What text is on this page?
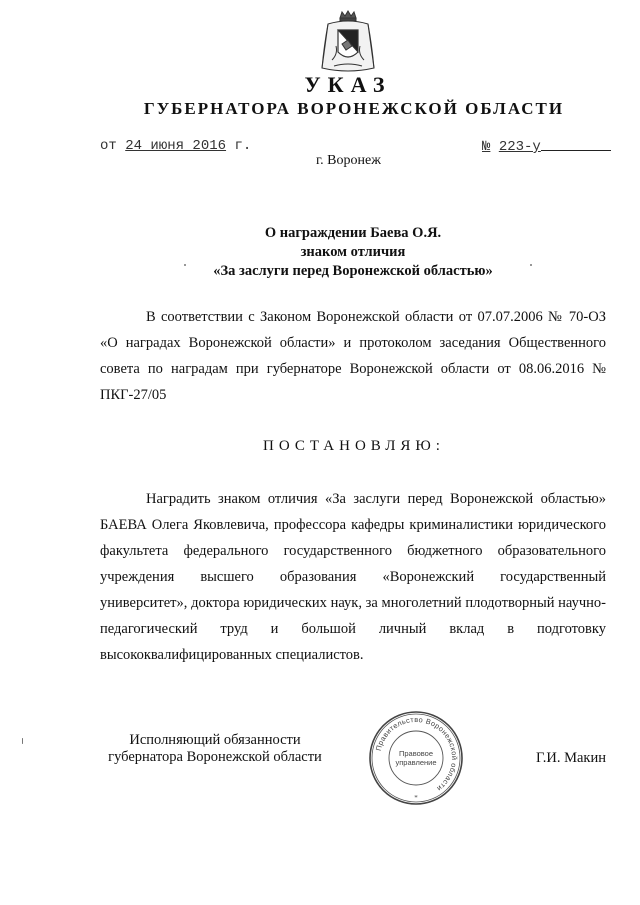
УКАЗ
ГУБЕРНАТОРА ВОРОНЕЖСКОЙ ОБЛАСТИ
от 24 июня 2016 г.	№ 223-у
г. Воронеж
О награждении Баева О.Я.
знаком отличия
«За заслуги перед Воронежской областью»
В соответствии с Законом Воронежской области от 07.07.2006 № 70-ОЗ «О наградах Воронежской области» и протоколом заседания Общественного совета по наградам при губернаторе Воронежской области от 08.06.2016 № ПКГ-27/05
ПОСТАНОВЛЯЮ:
Наградить знаком отличия «За заслуги перед Воронежской областью» БАЕВА Олега Яковлевича, профессора кафедры криминалистики юридического факультета федерального государственного бюджетного образовательного учреждения высшего образования «Воронежский государственный университет», доктора юридических наук, за многолетний плодотворный научно-педагогический труд и большой личный вклад в подготовку высококвалифицированных специалистов.
Исполняющий обязанности
губернатора Воронежской области
Правительство Воронежской области
Правовое
управление
*
Г.И. Макин
